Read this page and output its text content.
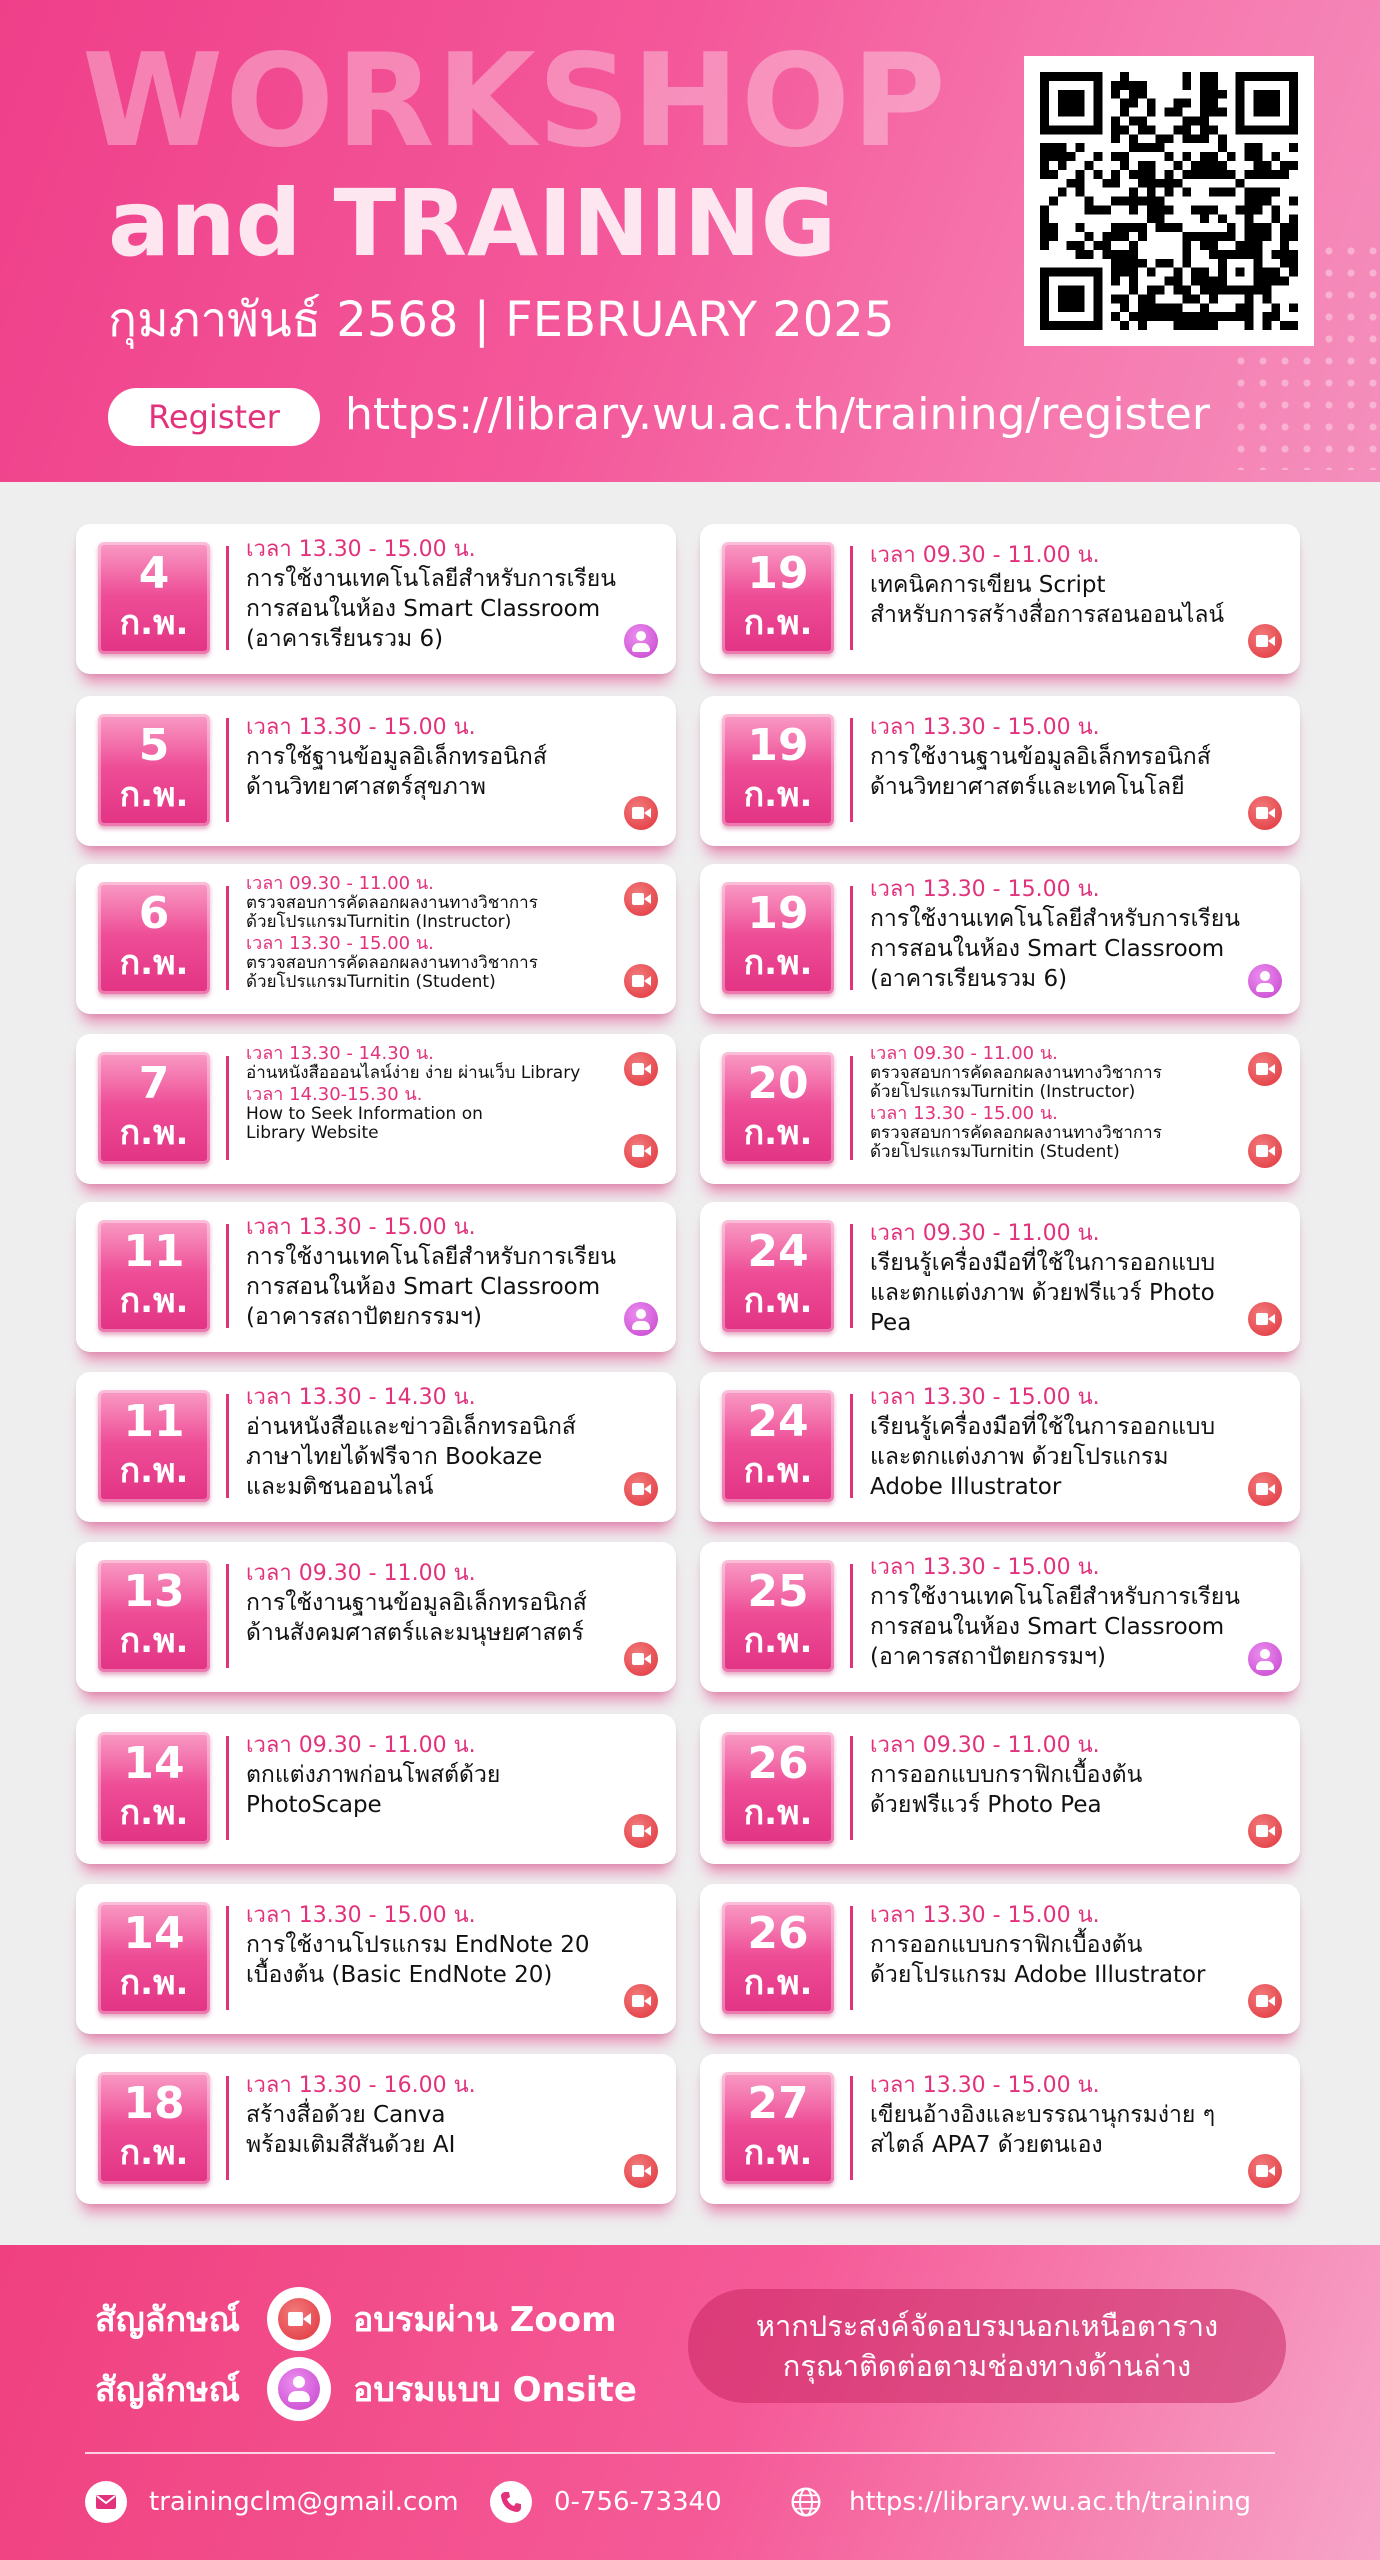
WORKSHOP
and TRAINING
กุมภาพันธ์ 2568 | FEBRUARY 2025
Register	https://library.wu.ac.th/training/register
4
ก.พ.
เวลา 13.30 - 15.00 น.
การใช้งานเทคโนโลยีสำหรับการเรียน
การสอนในห้อง Smart Classroom
(อาคารเรียนรวม 6)
5
ก.พ.
เวลา 13.30 - 15.00 น.
การใช้ฐานข้อมูลอิเล็กทรอนิกส์
ด้านวิทยาศาสตร์สุขภาพ
6
ก.พ.
เวลา 09.30 - 11.00 น.
ตรวจสอบการคัดลอกผลงานทางวิชาการ
ด้วยโปรแกรมTurnitin (Instructor)
เวลา 13.30 - 15.00 น.
ตรวจสอบการคัดลอกผลงานทางวิชาการ
ด้วยโปรแกรมTurnitin (Student)
7
ก.พ.
เวลา 13.30 - 14.30 น.
อ่านหนังสือออนไลน์ง่าย ง่าย ผ่านเว็บ Library
เวลา 14.30-15.30 น.
How to Seek Information on
Library Website
11
ก.พ.
เวลา 13.30 - 15.00 น.
การใช้งานเทคโนโลยีสำหรับการเรียน
การสอนในห้อง Smart Classroom
(อาคารสถาปัตยกรรมฯ)
11
ก.พ.
เวลา 13.30 - 14.30 น.
อ่านหนังสือและข่าวอิเล็กทรอนิกส์
ภาษาไทยได้ฟรีจาก Bookaze
และมติชนออนไลน์
13
ก.พ.
เวลา 09.30 - 11.00 น.
การใช้งานฐานข้อมูลอิเล็กทรอนิกส์
ด้านสังคมศาสตร์และมนุษยศาสตร์
14
ก.พ.
เวลา 09.30 - 11.00 น.
ตกแต่งภาพก่อนโพสต์ด้วย
PhotoScape
14
ก.พ.
เวลา 13.30 - 15.00 น.
การใช้งานโปรแกรม EndNote 20
เบื้องต้น (Basic EndNote 20)
18
ก.พ.
เวลา 13.30 - 16.00 น.
สร้างสื่อด้วย Canva
พร้อมเติมสีสันด้วย AI
19
ก.พ.
เวลา 09.30 - 11.00 น.
เทคนิคการเขียน Script
สำหรับการสร้างสื่อการสอนออนไลน์
19
ก.พ.
เวลา 13.30 - 15.00 น.
การใช้งานฐานข้อมูลอิเล็กทรอนิกส์
ด้านวิทยาศาสตร์และเทคโนโลยี
19
ก.พ.
เวลา 13.30 - 15.00 น.
การใช้งานเทคโนโลยีสำหรับการเรียน
การสอนในห้อง Smart Classroom
(อาคารเรียนรวม 6)
20
ก.พ.
เวลา 09.30 - 11.00 น.
ตรวจสอบการคัดลอกผลงานทางวิชาการ
ด้วยโปรแกรมTurnitin (Instructor)
เวลา 13.30 - 15.00 น.
ตรวจสอบการคัดลอกผลงานทางวิชาการ
ด้วยโปรแกรมTurnitin (Student)
24
ก.พ.
เวลา 09.30 - 11.00 น.
เรียนรู้เครื่องมือที่ใช้ในการออกแบบ
และตกแต่งภาพ ด้วยฟรีแวร์ Photo Pea
24
ก.พ.
เวลา 13.30 - 15.00 น.
เรียนรู้เครื่องมือที่ใช้ในการออกแบบ
และตกแต่งภาพ ด้วยโปรแกรม
Adobe Illustrator
25
ก.พ.
เวลา 13.30 - 15.00 น.
การใช้งานเทคโนโลยีสำหรับการเรียน
การสอนในห้อง Smart Classroom
(อาคารสถาปัตยกรรมฯ)
26
ก.พ.
เวลา 09.30 - 11.00 น.
การออกแบบกราฟิกเบื้องต้น
ด้วยฟรีแวร์ Photo Pea
26
ก.พ.
เวลา 13.30 - 15.00 น.
การออกแบบกราฟิกเบื้องต้น
ด้วยโปรแกรม Adobe Illustrator
27
ก.พ.
เวลา 13.30 - 15.00 น.
เขียนอ้างอิงและบรรณานุกรมง่าย ๆ
สไตล์ APA7 ด้วยตนเอง
สัญลักษณ์	อบรมผ่าน Zoom
สัญลักษณ์	อบรมแบบ Onsite
หากประสงค์จัดอบรมนอกเหนือตาราง
กรุณาติดต่อตามช่องทางด้านล่าง
trainingclm@gmail.com	0-756-73340	https://library.wu.ac.th/training
